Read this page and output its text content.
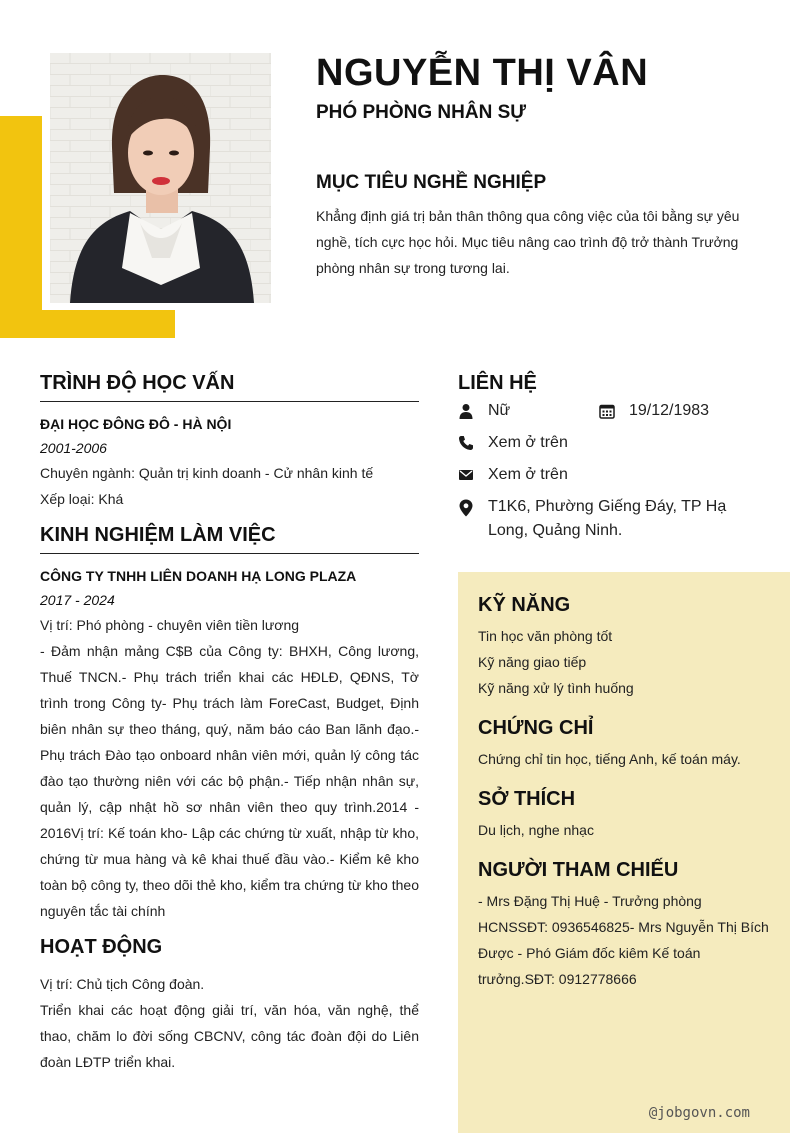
NGUYỄN THỊ VÂN
PHÓ PHÒNG NHÂN SỰ
MỤC TIÊU NGHỀ NGHIỆP
Khẳng định giá trị bản thân thông qua công việc của tôi bằng sự yêu nghề, tích cực học hỏi. Mục tiêu nâng cao trình độ trở thành Trưởng phòng nhân sự trong tương lai.
TRÌNH ĐỘ HỌC VẤN
ĐẠI HỌC ĐÔNG ĐÔ - HÀ NỘI
2001-2006
Chuyên ngành: Quản trị kinh doanh - Cử nhân kinh tế
Xếp loại: Khá
KINH NGHIỆM LÀM VIỆC
CÔNG TY TNHH LIÊN DOANH HẠ LONG PLAZA
2017 - 2024
Vị trí: Phó phòng - chuyên viên tiền lương
- Đảm nhận mảng C$B của Công ty: BHXH, Công lương, Thuế TNCN.- Phụ trách triển khai các HĐLĐ, QĐNS, Tờ trình trong Công ty- Phụ trách làm ForeCast, Budget, Định biên nhân sự theo tháng, quý, năm báo cáo Ban lãnh đạo.- Phụ trách Đào tạo onboard nhân viên mới, quản lý công tác đào tạo thường niên với các bộ phận.- Tiếp nhận nhân sự, quản lý, cập nhật hồ sơ nhân viên theo quy trình.2014 - 2016Vị trí: Kế toán kho- Lập các chứng từ xuất, nhập từ kho, chứng từ mua hàng và kê khai thuế đầu vào.- Kiểm kê kho toàn bộ công ty, theo dõi thẻ kho, kiểm tra chứng từ kho theo nguyên tắc tài chính
HOẠT ĐỘNG
Vị trí: Chủ tịch Công đoàn.
Triển khai các hoạt động giải trí, văn hóa, văn nghệ, thể thao, chăm lo đời sống CBCNV, công tác đoàn đội do Liên đoàn LĐTP triển khai.
LIÊN HỆ
Nữ	19/12/1983
Xem ở trên
Xem ở trên
T1K6, Phường Giếng Đáy, TP Hạ Long, Quảng Ninh.
KỸ NĂNG
Tin học văn phòng tốt
Kỹ năng giao tiếp
Kỹ năng xử lý tình huống
CHỨNG CHỈ
Chứng chỉ tin học, tiếng Anh, kế toán máy.
SỞ THÍCH
Du lịch, nghe nhạc
NGƯỜI THAM CHIẾU
- Mrs Đặng Thị Huệ - Trưởng phòng HCNSSĐT: 0936546825- Mrs Nguyễn Thị Bích Được - Phó Giám đốc kiêm Kế toán trưởng.SĐT: 0912778666
@jobgovn.com
